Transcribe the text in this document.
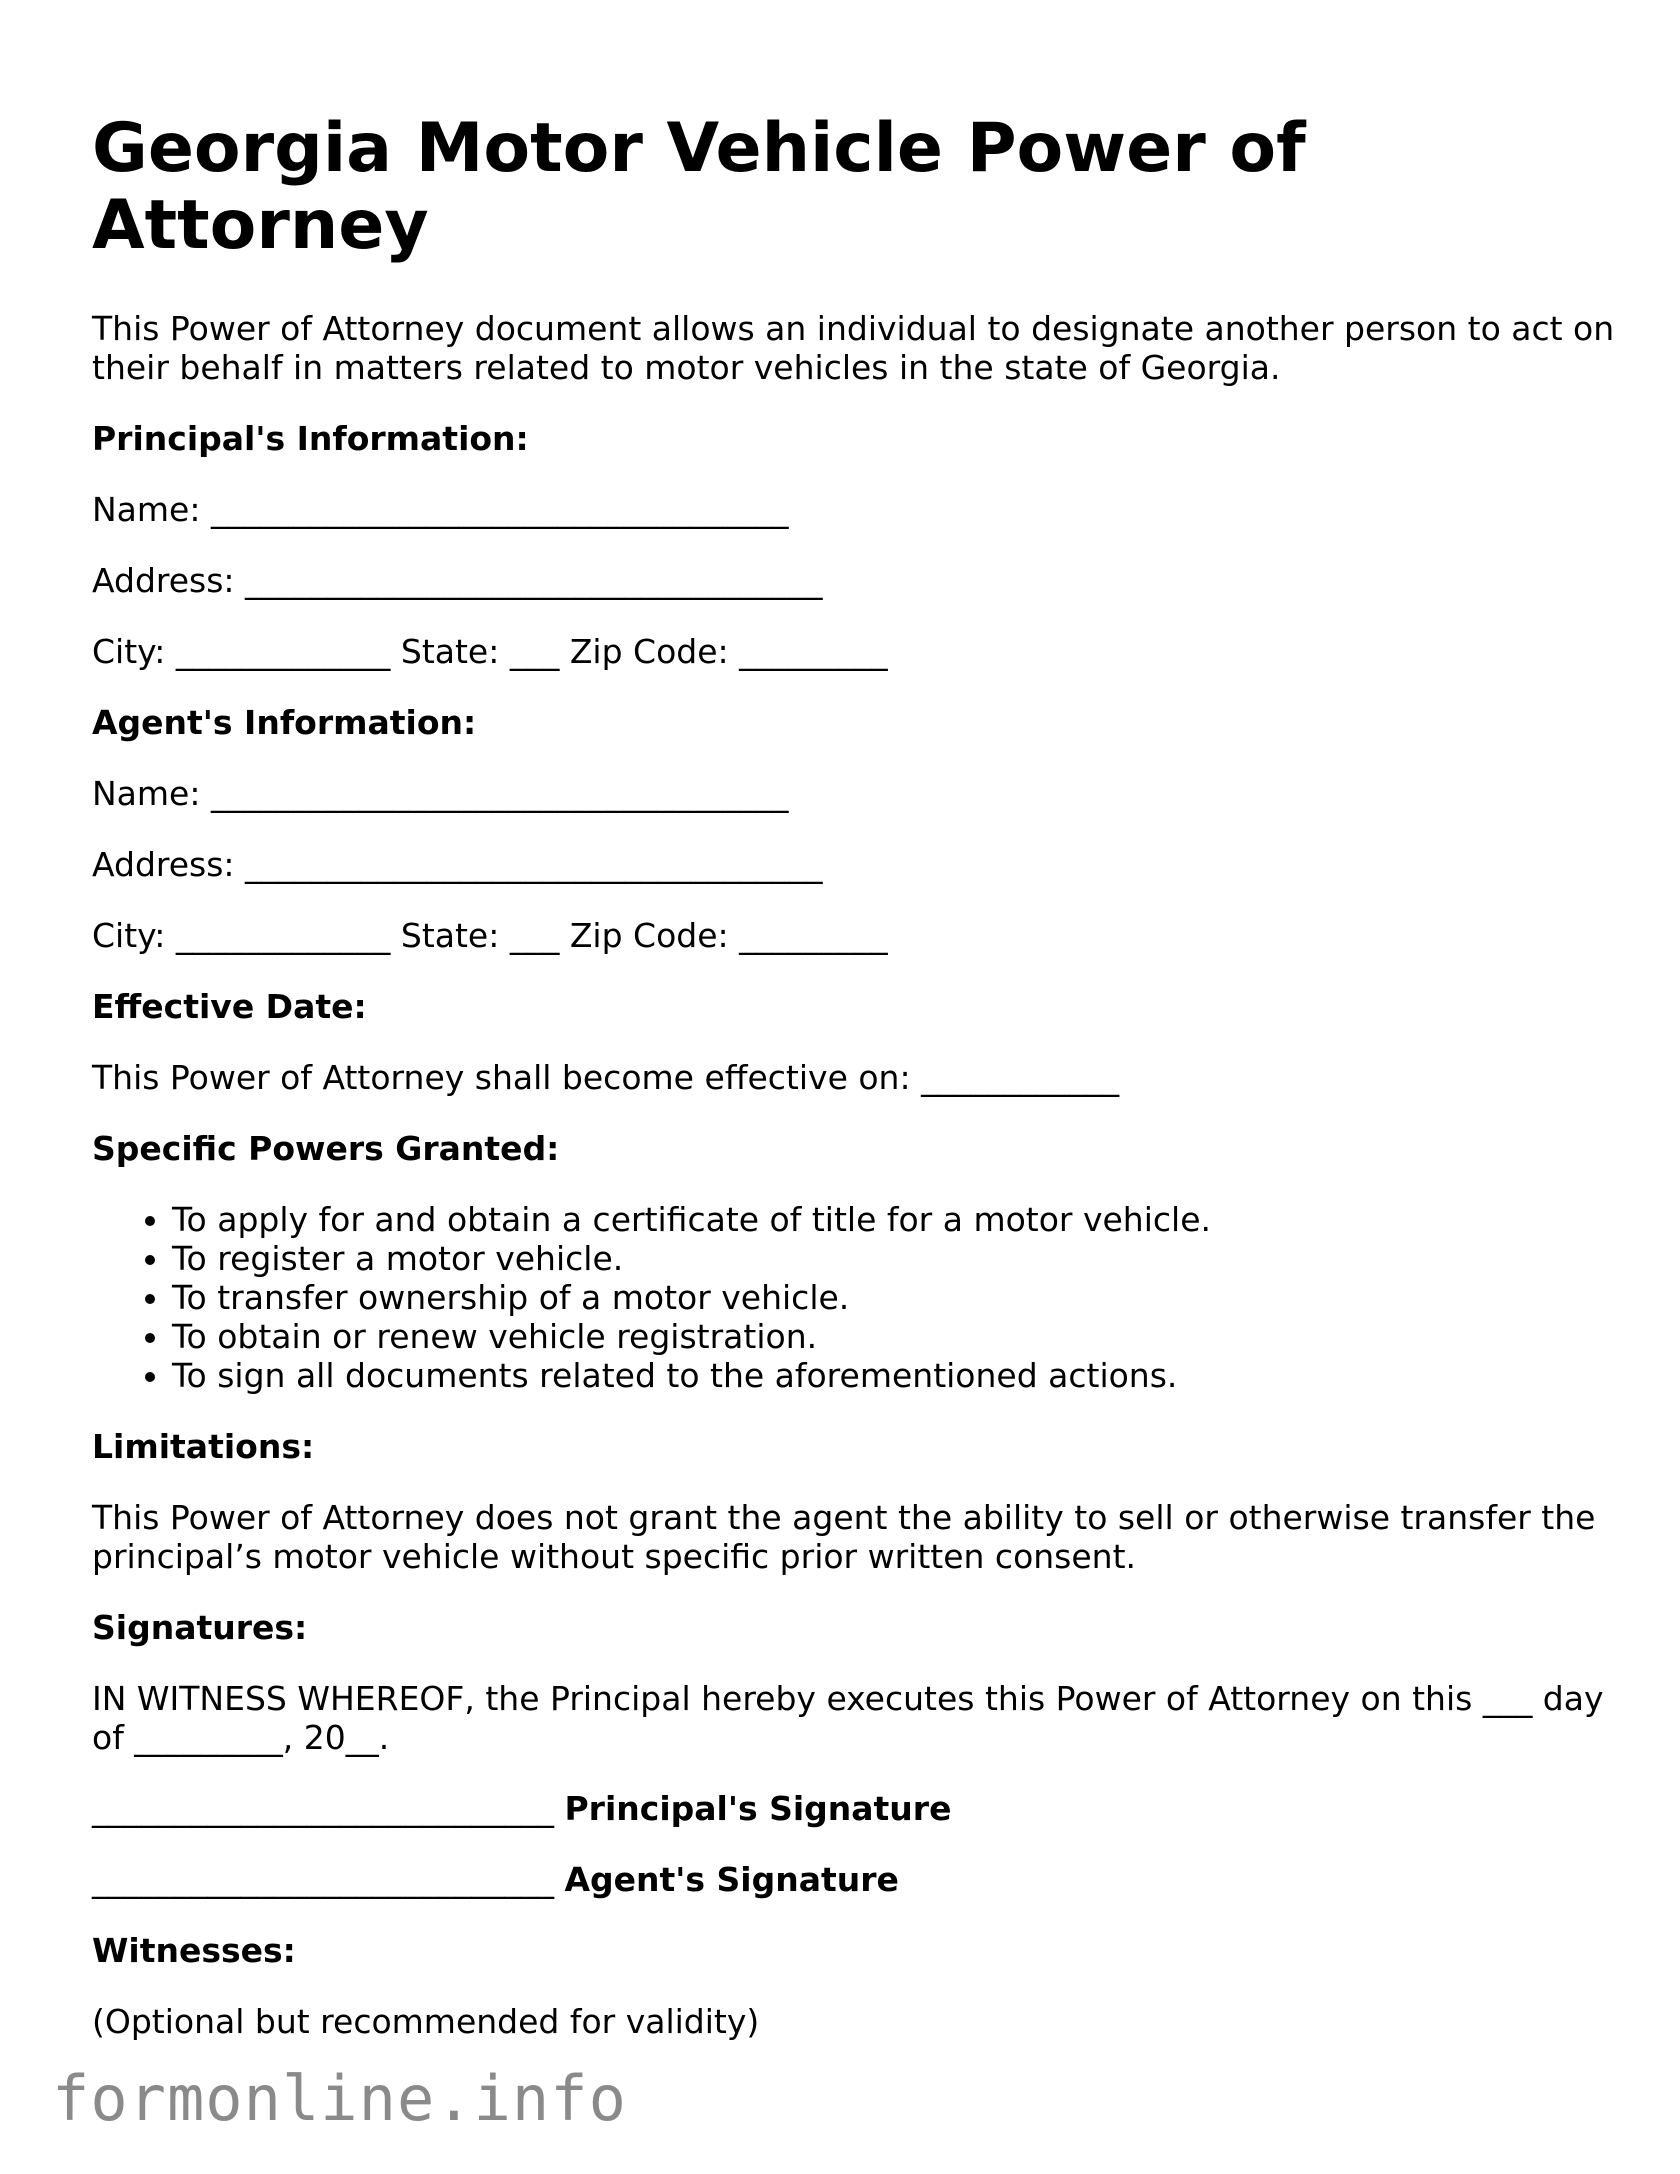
Georgia Motor Vehicle Power of Attorney

This Power of Attorney document allows an individual to designate another person to act on their behalf in matters related to motor vehicles in the state of Georgia.

Principal's Information:

Name: ___________________________________

Address: ___________________________________

City: _____________ State: ___ Zip Code: _________

Agent's Information:

Name: ___________________________________

Address: ___________________________________

City: _____________ State: ___ Zip Code: _________

Effective Date:

This Power of Attorney shall become effective on: ____________

Specific Powers Granted:

• To apply for and obtain a certificate of title for a motor vehicle.
• To register a motor vehicle.
• To transfer ownership of a motor vehicle.
• To obtain or renew vehicle registration.
• To sign all documents related to the aforementioned actions.

Limitations:

This Power of Attorney does not grant the agent the ability to sell or otherwise transfer the principal’s motor vehicle without specific prior written consent.

Signatures:

IN WITNESS WHEREOF, the Principal hereby executes this Power of Attorney on this ___ day of _________, 20__.

____________________________ Principal's Signature

____________________________ Agent's Signature

Witnesses:

(Optional but recommended for validity)

formonline.info
